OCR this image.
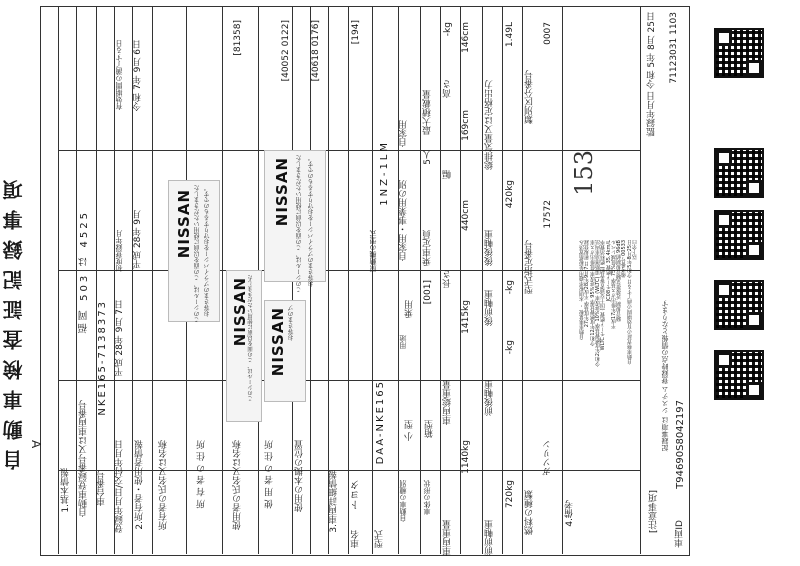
自動車検査証記録事項 A
監録年月日 令和 5年 8月 25日 71123031 1103
1.基本情報 自動車登録番号又は車両番号
福岡 503 は 4525
車台番号
NKE165-7138373
登録年月日/交付年月日
平成 28年 9月 7日
初度登録年月 平成 28年 9月
有効期間の満了する日 令和 7年 9月 6日
2.所有者・使用者情報 所有者の氏名又は名称	所 有 者 の 住 所
[81358]
使用者の氏名又は名称 使 用 者 の 住 所 使用の本拠の位置
[40052 0122] [40618 0176]
NISSAN このシールは、この面を以前に使用いただきました お客さまのプライバシーをお守りするものです。 NISSAN このシールは、この面を以前に使用いただきました
NISSAN このシールは、この面を以前に使用いただきました お客さまのプライバシーをお守りするものです。
NISSAN お客さまのプ
3.車両詳細情報
車名
トヨタ
[194]
型式
DAA-NKE165
原動機の型式
1NZ-1LM
自動車の種別
小 型
用途
乗用
自家用・事業用の別
自家用
車体の形状
箱型
[001]
乗車定員
5人
最大積載量
-kg
車両重量
1140kg
車両総重量
1415kg
長さ
440cm
幅
169cm
高さ
146cm
前前軸重
720kg
前後軸重
-kg
後前軸重
-kg
後後軸重
420kg
総排気量又は定格出力
1.49L
燃料の種類
ガソリン
型式指定番号
17572
類別区分番号
0007
4.備考
自動車重量税 ・ 本則税率適用 免税措置済み 27年度基準 平成28年9月7日 新規登録 令和12年度燃費基準 95%達成車 低排出ガス車 令和2年度燃費基準 10%達成車 (WLTC) 道路運送車両法 WLTCモード燃費 (国土交通省審査値) 燃料消費率 JC08モード燃費 35.4km/L 平成17年排出ガス基準 75%低減レベル 騒音規制 近接排気騒音規制値 96dB 備考番号 00533 自動車検査証の有効期間の満了する日 令和5年8月25日 以下余白
[注意事項]
記録事項は システム 登録時点の情報となります
車両ID
T94690S8042197
153
